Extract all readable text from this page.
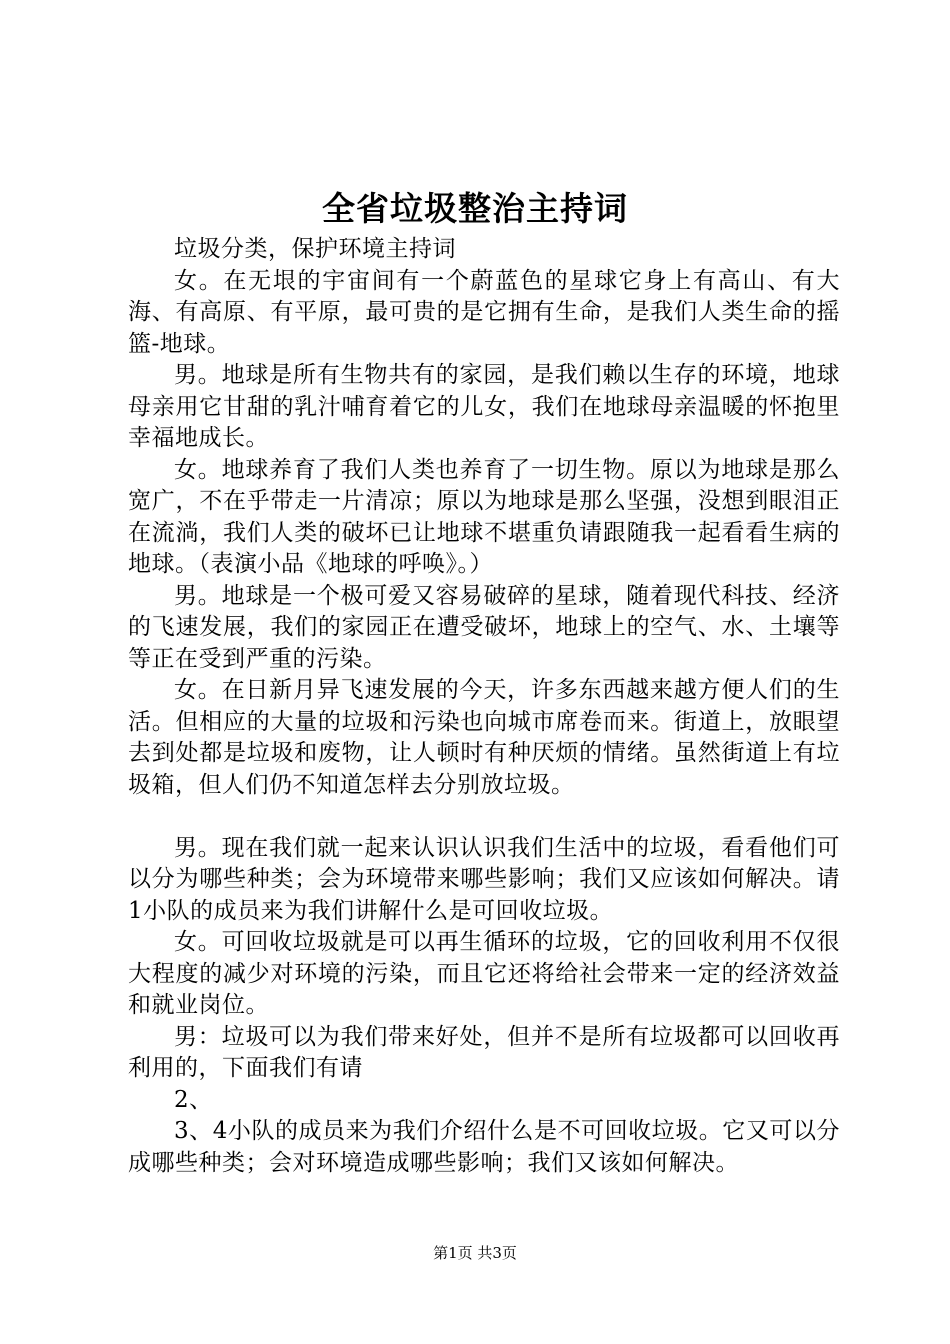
全省垃圾整治主持词

垃圾分类，保护环境主持词

女。在无垠的宇宙间有一个蔚蓝色的星球它身上有高山、有大海、有高原、有平原，最可贵的是它拥有生命，是我们人类生命的摇篮-地球。

男。地球是所有生物共有的家园，是我们赖以生存的环境，地球母亲用它甘甜的乳汁哺育着它的儿女，我们在地球母亲温暖的怀抱里幸福地成长。

女。地球养育了我们人类也养育了一切生物。原以为地球是那么宽广，不在乎带走一片清凉；原以为地球是那么坚强，没想到眼泪正在流淌，我们人类的破坏已让地球不堪重负请跟随我一起看看生病的地球。（表演小品《地球的呼唤》。）

男。地球是一个极可爱又容易破碎的星球，随着现代科技、经济的飞速发展，我们的家园正在遭受破坏，地球上的空气、水、土壤等等正在受到严重的污染。

女。在日新月异飞速发展的今天，许多东西越来越方便人们的生活。但相应的大量的垃圾和污染也向城市席卷而来。街道上，放眼望去到处都是垃圾和废物，让人顿时有种厌烦的情绪。虽然街道上有垃圾箱，但人们仍不知道怎样去分别放垃圾。

男。现在我们就一起来认识认识我们生活中的垃圾，看看他们可以分为哪些种类；会为环境带来哪些影响；我们又应该如何解决。请1小队的成员来为我们讲解什么是可回收垃圾。

女。可回收垃圾就是可以再生循环的垃圾，它的回收利用不仅很大程度的减少对环境的污染，而且它还将给社会带来一定的经济效益和就业岗位。

男：垃圾可以为我们带来好处，但并不是所有垃圾都可以回收再利用的，下面我们有请

2、

3、4小队的成员来为我们介绍什么是不可回收垃圾。它又可以分成哪些种类；会对环境造成哪些影响；我们又该如何解决。

第1页 共3页
